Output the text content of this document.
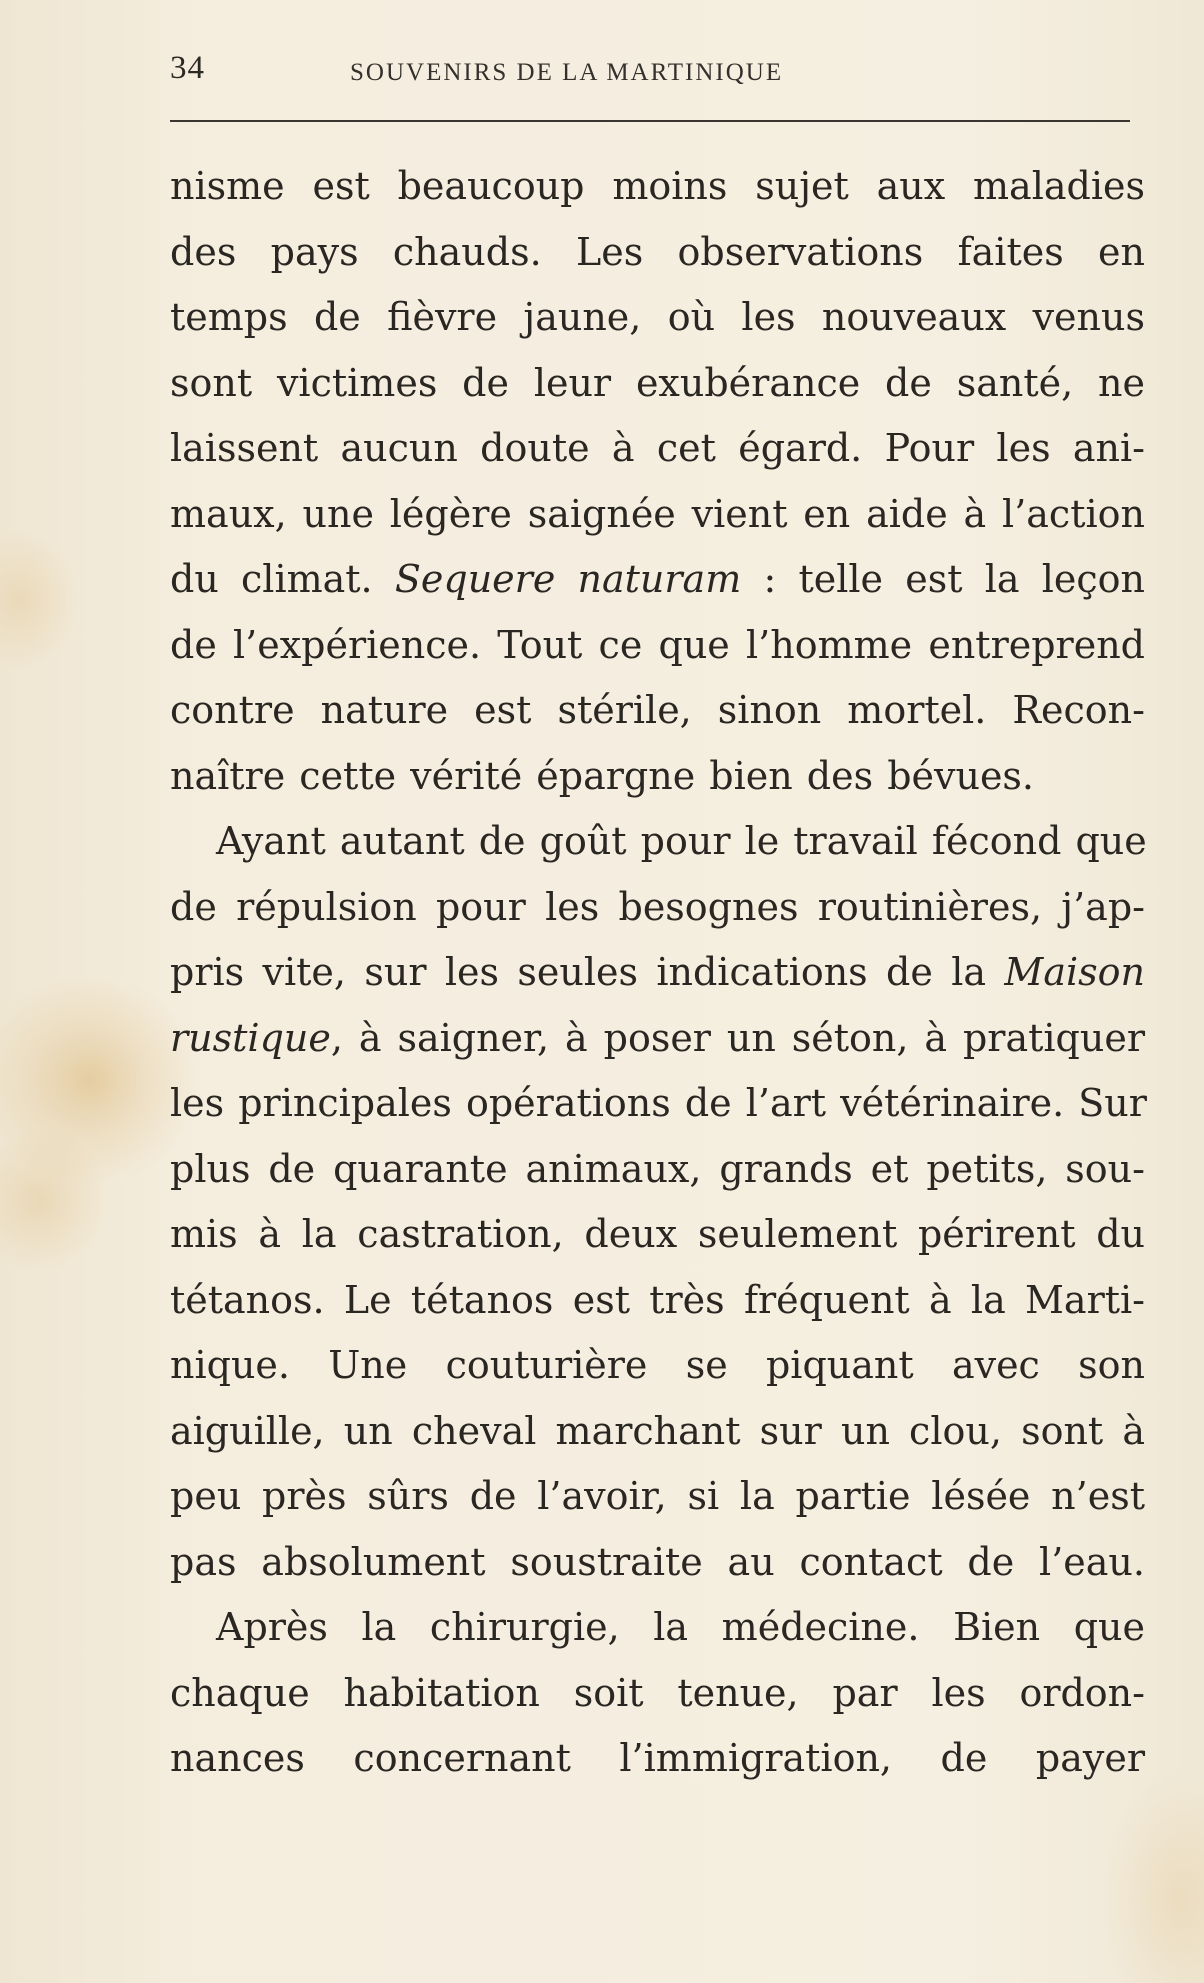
34	SOUVENIRS DE LA MARTINIQUE
nisme est beaucoup moins sujet aux maladies
des pays chauds. Les observations faites en
temps de fièvre jaune, où les nouveaux venus
sont victimes de leur exubérance de santé, ne
laissent aucun doute à cet égard. Pour les ani-
maux, une légère saignée vient en aide à l’action
du climat. Sequere naturam : telle est la leçon
de l’expérience. Tout ce que l’homme entreprend
contre nature est stérile, sinon mortel. Recon-
naître cette vérité épargne bien des bévues.
Ayant autant de goût pour le travail fécond que
de répulsion pour les besognes routinières, j’ap-
pris vite, sur les seules indications de la Maison
rustique, à saigner, à poser un séton, à pratiquer
les principales opérations de l’art vétérinaire. Sur
plus de quarante animaux, grands et petits, sou-
mis à la castration, deux seulement périrent du
tétanos. Le tétanos est très fréquent à la Marti-
nique. Une couturière se piquant avec son
aiguille, un cheval marchant sur un clou, sont à
peu près sûrs de l’avoir, si la partie lésée n’est
pas absolument soustraite au contact de l’eau.
Après la chirurgie, la médecine. Bien que
chaque habitation soit tenue, par les ordon-
nances concernant l’immigration, de payer
